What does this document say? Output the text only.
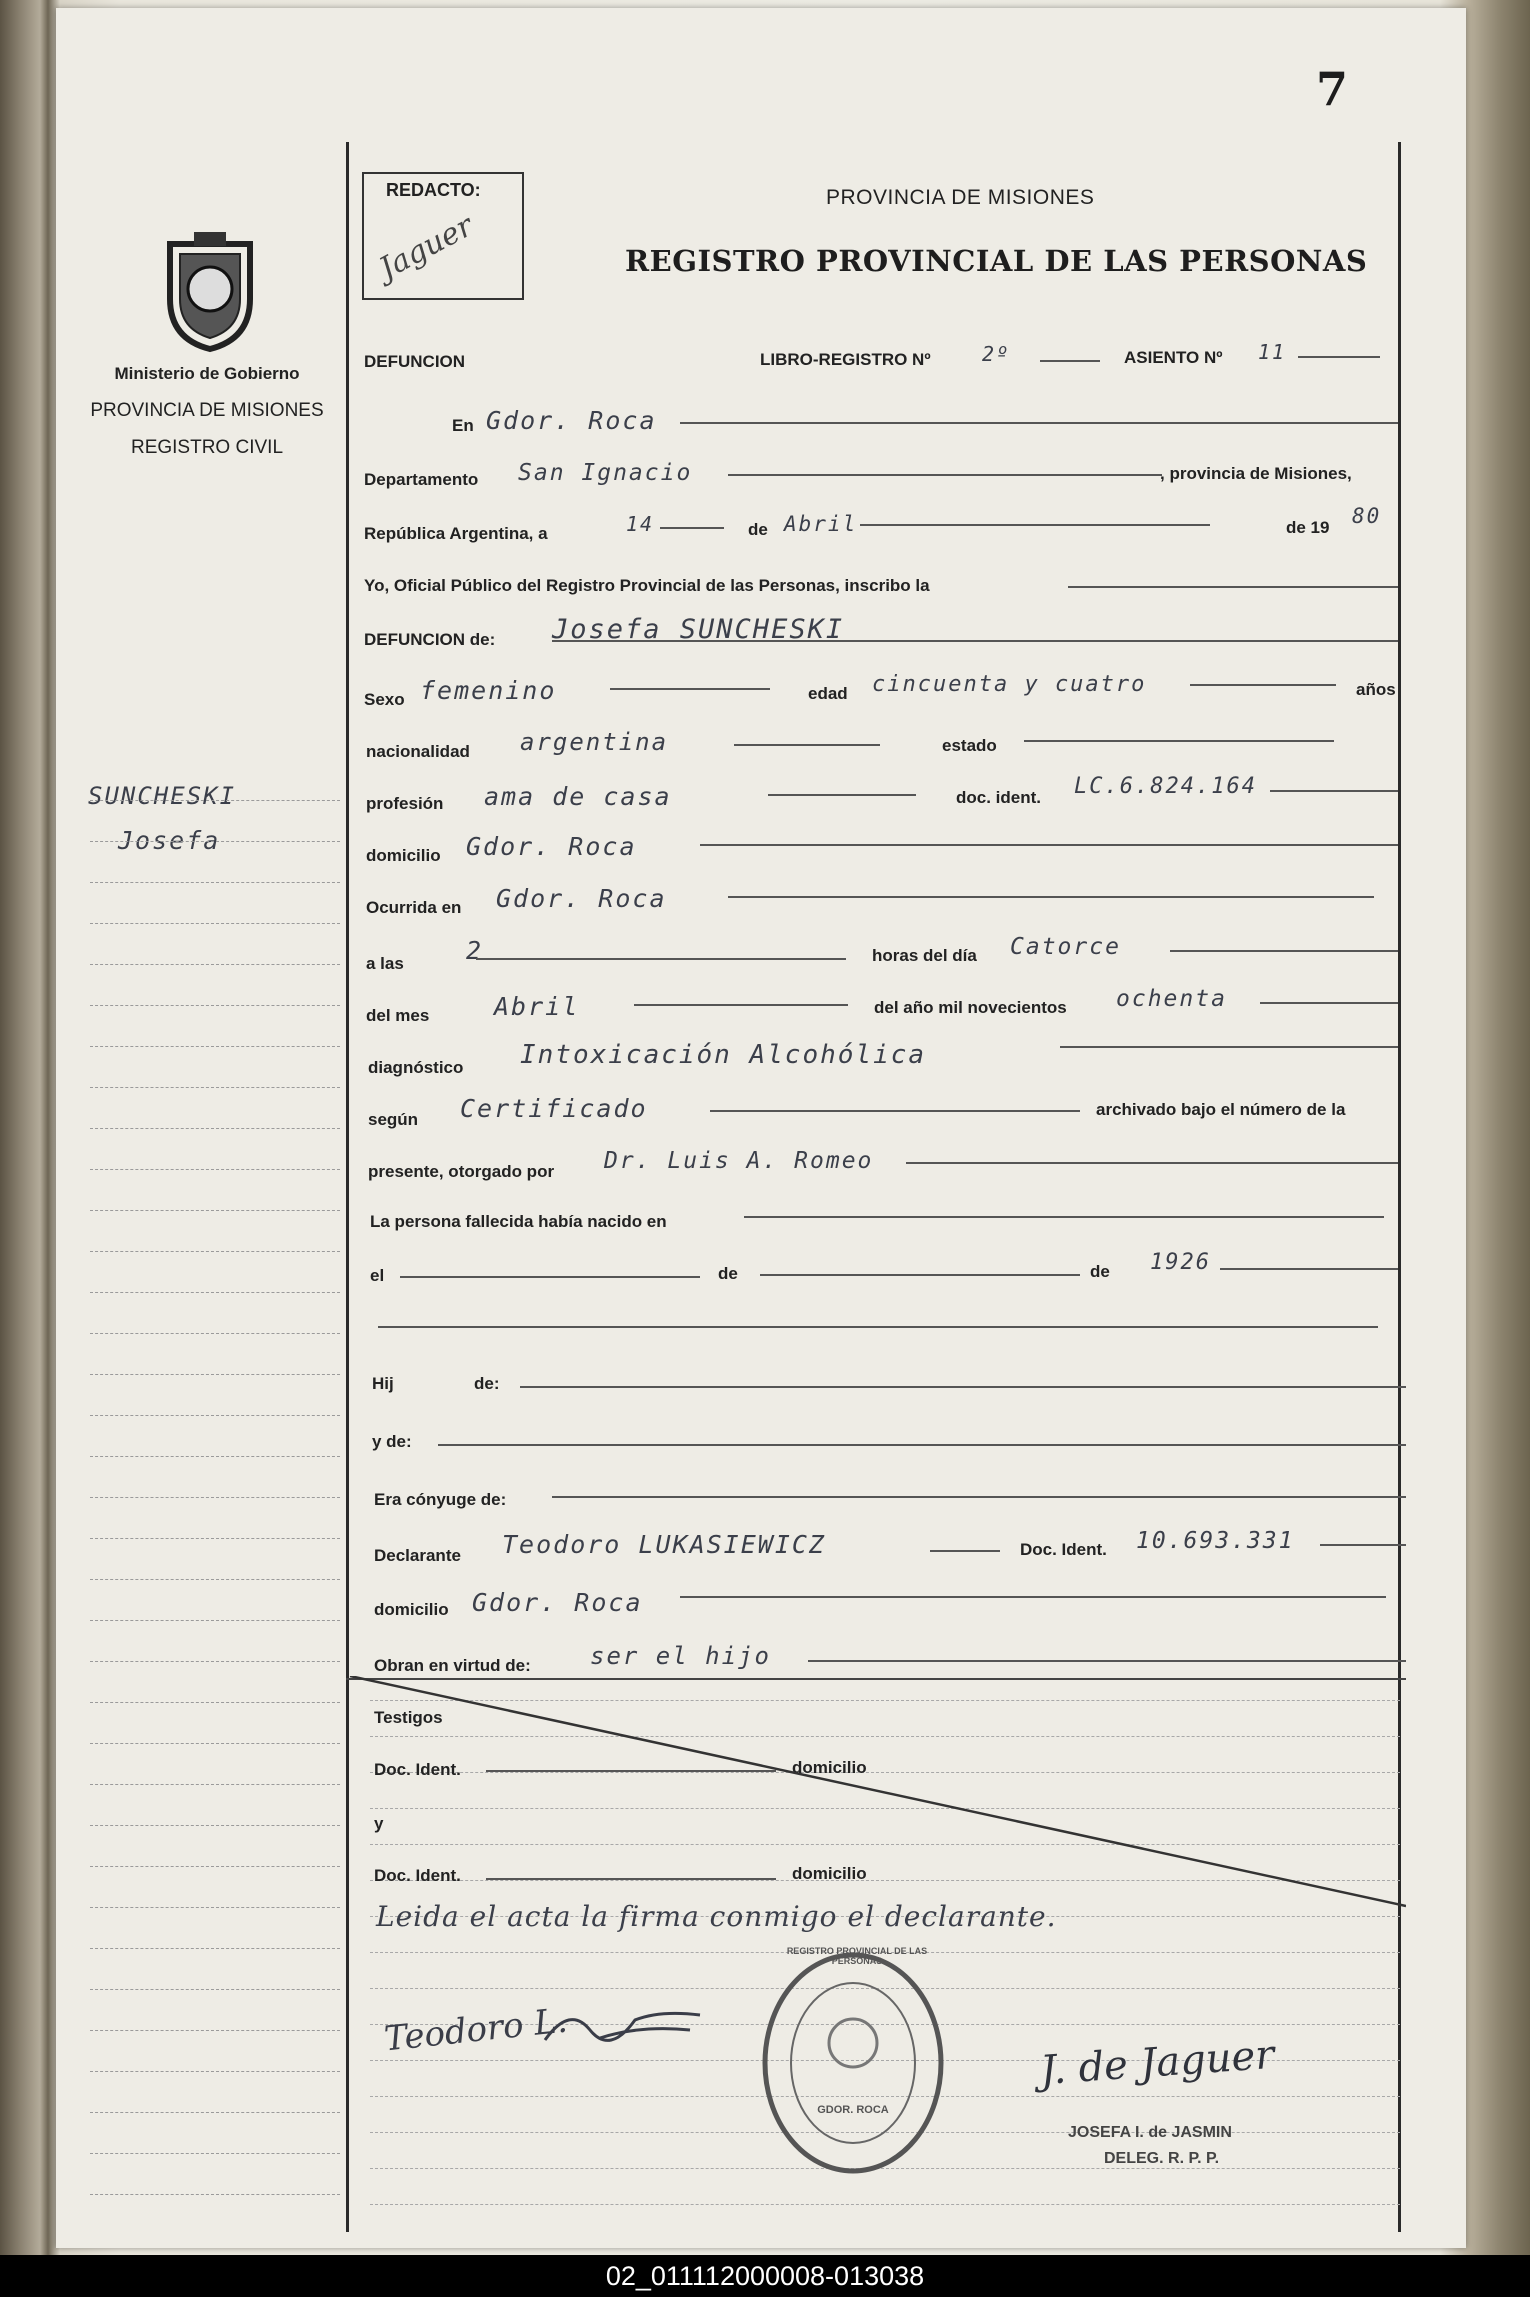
7
Ministerio de Gobierno
PROVINCIA DE MISIONES
REGISTRO CIVIL
REDACTO:
Jaguer
PROVINCIA DE MISIONES
REGISTRO PROVINCIAL DE LAS PERSONAS
SUNCHESKI
Josefa
DEFUNCION	LIBRO-REGISTRO Nº	2º	ASIENTO Nº 11
En Gdor. Roca
Departamento San Ignacio	, provincia de Misiones,
República Argentina, a	14	de Abril	de 19 80
Yo, Oficial Público del Registro Provincial de las Personas, inscribo la
DEFUNCION de: Josefa SUNCHESKI
Sexo femenino	edad cincuenta y cuatro	años
nacionalidad argentina	estado
profesión ama de casa	doc. ident. LC.6.824.164
domicilio Gdor. Roca
Ocurrida en Gdor. Roca
a las 2	horas del día Catorce
del mes	Abril	del año mil novecientos ochenta
diagnóstico Intoxicación Alcohólica
según Certificado	archivado bajo el número de la
presente, otorgado por Dr. Luis A. Romeo
La persona fallecida había nacido en
el	de	de 1926
Hij	de:
y de:
Era cónyuge de:
Declarante Teodoro LUKASIEWICZ	Doc. Ident. 10.693.331
domicilio Gdor. Roca
Obran en virtud de: ser el hijo
Testigos
Doc. Ident.	domicilio
y
Doc. Ident.	domicilio
Leida el acta la firma conmigo el declarante.
Teodoro L.
REGISTRO PROVINCIAL DE LAS PERSONAS
GDOR. ROCA
J. de Jaguer
JOSEFA I. de JASMIN
DELEG. R. P. P.
02_011112000008-013038
